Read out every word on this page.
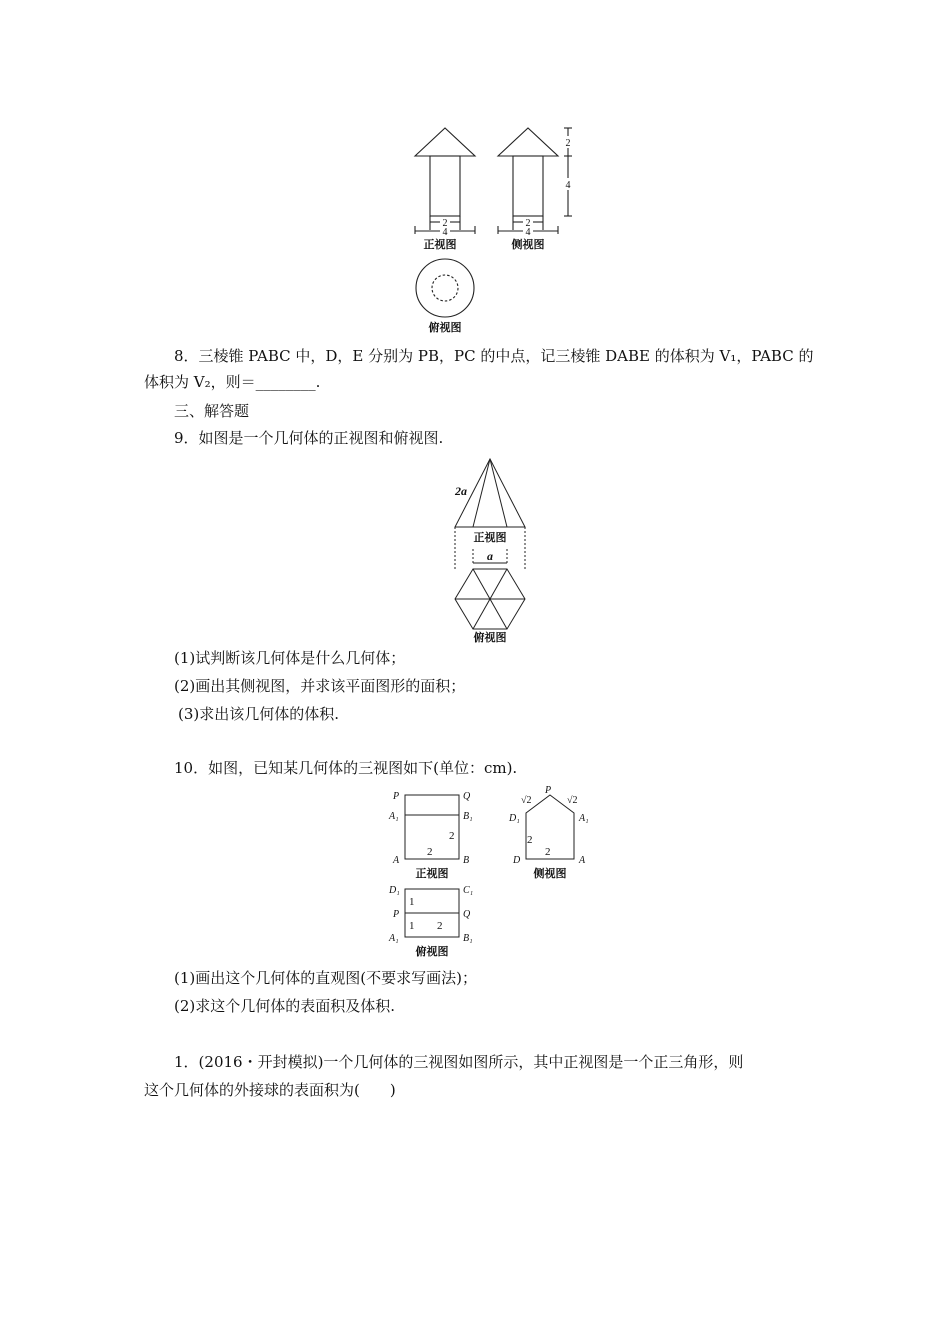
2
4
2
4
2
4
正视图	侧视图
俯视图
8．三棱锥 PABC 中，D，E 分别为 PB，PC 的中点，记三棱锥 DABE 的体积为 V₁，PABC 的
体积为 V₂，则＝________.
三、解答题
9．如图是一个几何体的正视图和俯视图.
2a
a
正视图
俯视图
(1)试判断该几何体是什么几何体；
(2)画出其侧视图，并求该平面图形的面积；
(3)求出该几何体的体积.
10．如图，已知某几何体的三视图如下(单位：cm).
P	Q
A₁	B₁
A	B
P
D₁	A₁
D	A
D₁	C₁
P	Q
A₁	B₁
2
2
√2	√2
2
2
1
1 2
正视图	侧视图
俯视图
(1)画出这个几何体的直观图(不要求写画法)；
(2)求这个几何体的表面积及体积.
1．(2016・开封模拟)一个几何体的三视图如图所示，其中正视图是一个正三角形，则
这个几何体的外接球的表面积为(　　)
